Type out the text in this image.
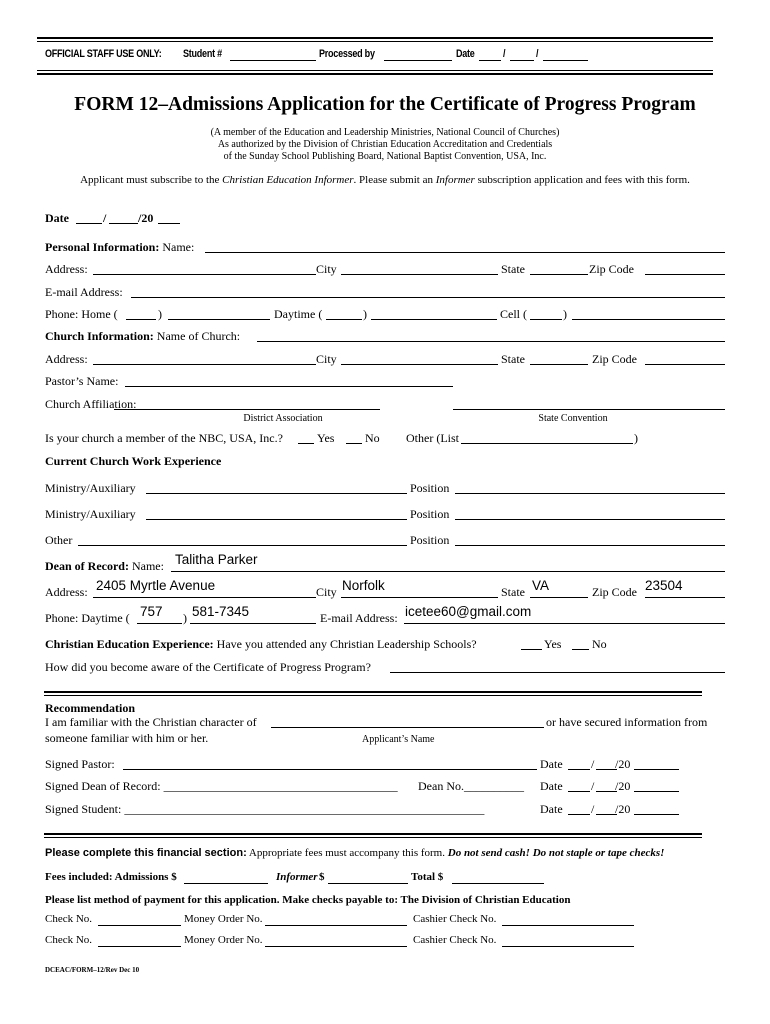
OFFICIAL STAFF USE ONLY: Student #	Processed by	Date	/	/
FORM 12–Admissions Application for the Certificate of Progress Program
(A member of the Education and Leadership Ministries, National Council of Churches)
As authorized by the Division of Christian Education Accreditation and Credentials
of the Sunday School Publishing Board, National Baptist Convention, USA, Inc.
Applicant must subscribe to the Christian Education Informer. Please submit an Informer subscription application and fees with this form.
Date	/	/20
Personal Information: Name:
Address:	City	State	Zip Code
E-mail Address:
Phone: Home (	)	Daytime (	)	Cell (	)
Church Information: Name of Church:
Address:	City	State	Zip Code
Pastor’s Name:
Church Affiliation:
District Association	State Convention
Is your church a member of the NBC, USA, Inc.?	Yes	No Other (List	)
Current Church Work Experience
Ministry/Auxiliary	Position
Ministry/Auxiliary	Position
Other	Position
Dean of Record: Name: Talitha Parker
Address: 2405 Myrtle Avenue	City Norfolk	State VA	Zip Code 23504
Phone: Daytime ( 757 ) 581-7345	E-mail Address: icetee60@gmail.com
Christian Education Experience: Have you attended any Christian Leadership Schools?	Yes	No
How did you become aware of the Certificate of Progress Program?
Recommendation
I am familiar with the Christian character of	or have secured information from
someone familiar with him or her.	Applicant’s Name
Signed Pastor:	Date / /20
Signed Dean of Record: _______________________________________ Dean No.__________ Date / /20
Signed Student: ____________________________________________________________	Date / /20
Please complete this financial section: Appropriate fees must accompany this form. Do not send cash! Do not staple or tape checks!
Fees included: Admissions $	Informer $	Total $
Please list method of payment for this application. Make checks payable to: The Division of Christian Education
Check No.	Money Order No.	Cashier Check No.
Check No.	Money Order No.	Cashier Check No.
DCEAC/FORM–12/Rev Dec 10
